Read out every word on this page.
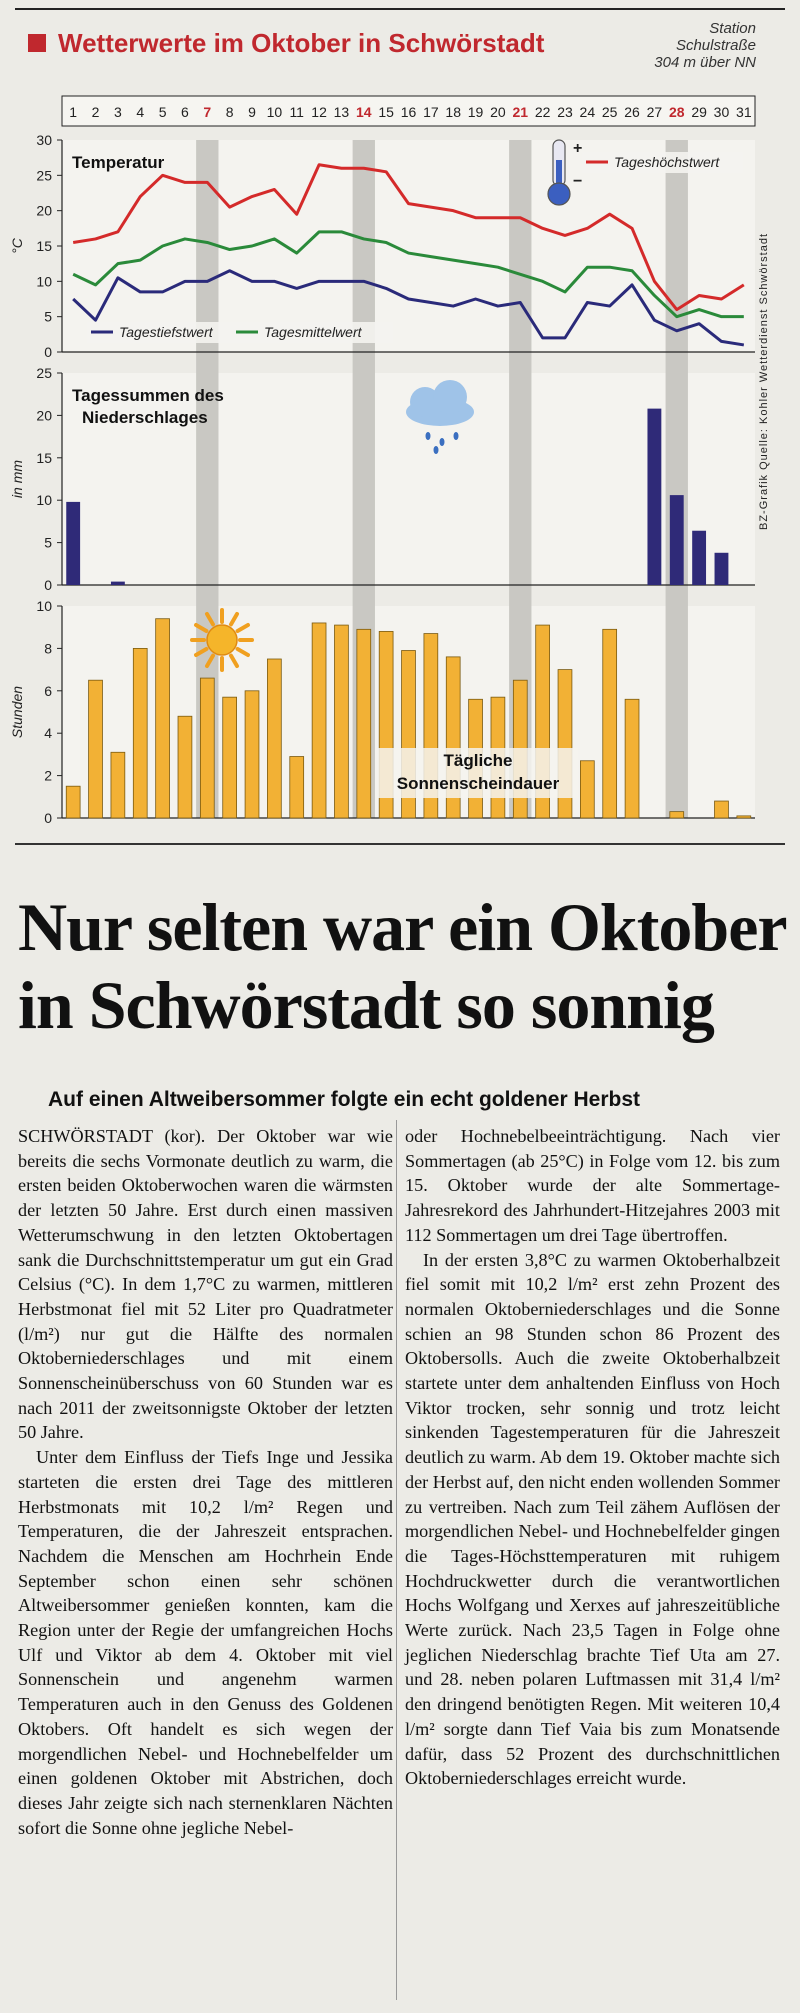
Wetterwerte im Oktober in Schwörstadt	Station
Schulstraße
304 m über NN
0
5
10
15
20
25
30
°C
0
5
10
15
20
25
in mm
0
2
4
6
8
10
Stunden
1 2 3 4 5 6 7 8 9 10 11 12 13 14 15 16 17 18 19 20 21 22 23 24 25 26 27 28 29 30 31
Temperatur
+
−
Tageshöchstwert
Tagestiefstwert	Tagesmittelwert
Tagessummen des
Niederschlages
Tägliche
Sonnenscheindauer
BZ-Grafik Quelle: Kohler Wetterdienst Schwörstadt
Nur selten war ein Oktober
in Schwörstadt so sonnig
Auf einen Altweibersommer folgte ein echt goldener Herbst

SCHWÖRSTADT (kor). Der Oktober war wie bereits die sechs Vormonate deutlich zu warm, die ersten beiden Oktoberwochen waren die wärmsten der letzten 50 Jahre. Erst durch einen massiven Wetterumschwung in den letzten Oktobertagen sank die Durchschnittstemperatur um gut ein Grad Celsius (°C). In dem 1,7°C zu warmen, mittleren Herbstmonat fiel mit 52 Liter pro Quadratmeter (l/m²) nur gut die Hälfte des normalen Oktoberniederschlages und mit einem Sonnenscheinüberschuss von 60 Stunden war es nach 2011 der zweitsonnigste Oktober der letzten 50 Jahre.

Unter dem Einfluss der Tiefs Inge und Jessika starteten die ersten drei Tage des mittleren Herbstmonats mit 10,2 l/m² Regen und Temperaturen, die der Jahreszeit entsprachen. Nachdem die Menschen am Hochrhein Ende September schon einen sehr schönen Altweibersommer genießen konnten, kam die Region unter der Regie der umfangreichen Hochs Ulf und Viktor ab dem 4. Oktober mit viel Sonnenschein und angenehm warmen Temperaturen auch in den Genuss des Goldenen Oktobers. Oft handelt es sich wegen der morgendlichen Nebel- und Hochnebelfelder um einen goldenen Oktober mit Abstrichen, doch dieses Jahr zeigte sich nach sternenklaren Nächten sofort die Sonne ohne jegliche Nebel-

oder Hochnebelbeeinträchtigung. Nach vier Sommertagen (ab 25°C) in Folge vom 12. bis zum 15. Oktober wurde der alte Sommertage-Jahresrekord des Jahrhundert-Hitzejahres 2003 mit 112 Sommertagen um drei Tage übertroffen.

In der ersten 3,8°C zu warmen Oktoberhalbzeit fiel somit mit 10,2 l/m² erst zehn Prozent des normalen Oktoberniederschlages und die Sonne schien an 98 Stunden schon 86 Prozent des Oktobersolls. Auch die zweite Oktoberhalbzeit startete unter dem anhaltenden Einfluss von Hoch Viktor trocken, sehr sonnig und trotz leicht sinkenden Tagestemperaturen für die Jahreszeit deutlich zu warm. Ab dem 19. Oktober machte sich der Herbst auf, den nicht enden wollenden Sommer zu vertreiben. Nach zum Teil zähem Auflösen der morgendlichen Nebel- und Hochnebelfelder gingen die Tages-Höchsttemperaturen mit ruhigem Hochdruckwetter durch die verantwortlichen Hochs Wolfgang und Xerxes auf jahreszeitübliche Werte zurück. Nach 23,5 Tagen in Folge ohne jeglichen Niederschlag brachte Tief Uta am 27. und 28. neben polaren Luftmassen mit 31,4 l/m² den dringend benötigten Regen. Mit weiteren 10,4 l/m² sorgte dann Tief Vaia bis zum Monatsende dafür, dass 52 Prozent des durchschnittlichen Oktoberniederschlages erreicht wurde.
